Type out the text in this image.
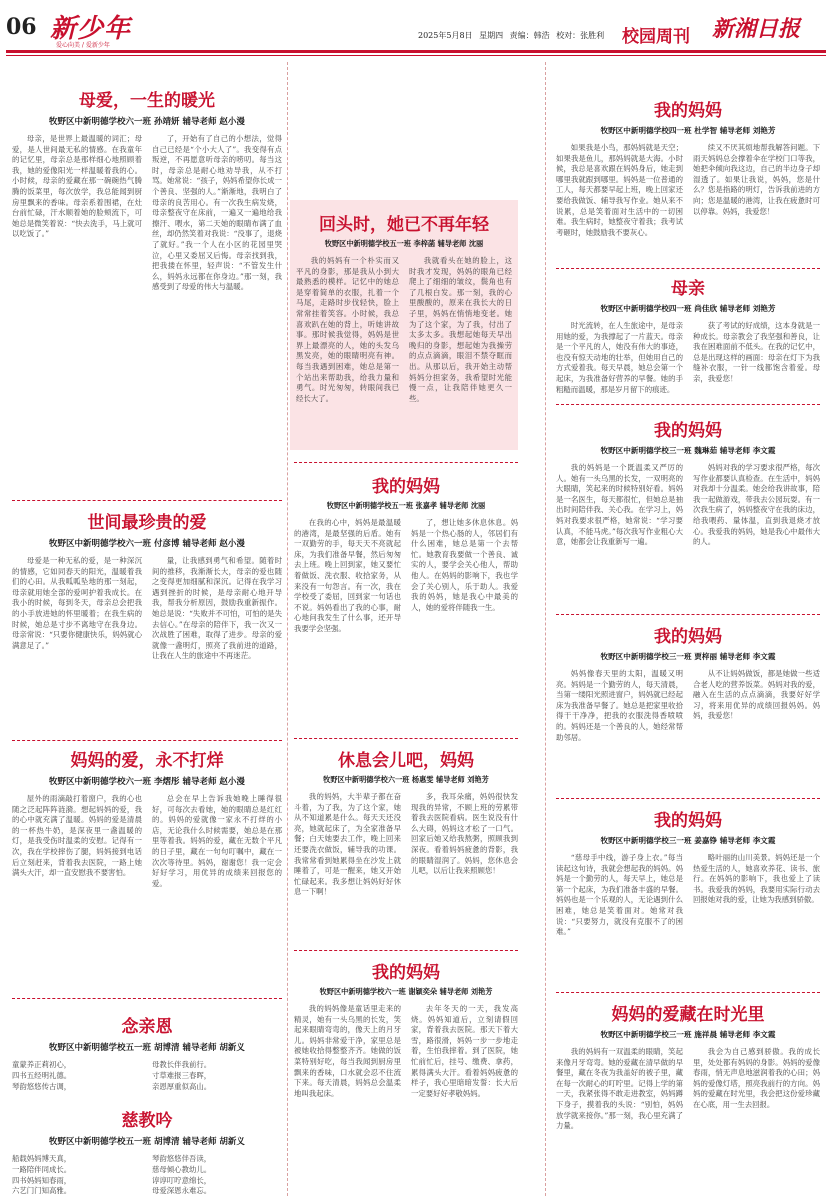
06 新少年
爱心向美 / 爱新少年
2025年5月8日 星期四 责编：韩浩 校对：张胜利 校园周刊 新湘日报
母爱，一生的暖光
牧野区中新明德学校六一班 孙靖妍 辅导老师 赵小漫

母亲，是世界上最温暖的词汇；母爱，是人世间最无私的情感。在我童年的记忆里，母亲总是那样细心地照顾着我，她的爱像阳光一样温暖着我的心。小时候，母亲的爱藏在那一碗碗热气腾腾的饭菜里，每次放学，我总能闻到厨房里飘来的香味。母亲系着围裙，在灶台前忙碌，汗水顺着她的脸颊流下，可她总是微笑着说：“快去洗手，马上就可以吃饭了。”

了，开始有了自己的小想法，觉得自己已经是“个小大人了”。我变得有点叛逆，不再愿意听母亲的唠叨。每当这时，母亲总是耐心地劝导我，从不打骂。她常说：“孩子，妈妈希望你长成一个善良、坚强的人。”渐渐地，我明白了母亲的良苦用心。有一次我生病发烧，母亲整夜守在床前，一遍又一遍地给我擦汗、喂水，第二天她的眼睛布满了血丝，却仍然笑着对我说：“没事了，退烧了就好。”我一个人在小区的花园里哭泣，心里又委屈又后悔。母亲找到我，把我搂在怀里，轻声说：“不管发生什么，妈妈永远都在你身边。”那一刻，我感受到了母爱的伟大与温暖。

回头时，她已不再年轻
牧野区中新明德学校五一班 李梓菡 辅导老师 沈丽

我的妈妈有一个朴实而又平凡的身影，那是我从小到大最熟悉的模样。记忆中的她总是穿着简单的衣服，扎着一个马尾，走路时步伐轻快，脸上常常挂着笑容。小时候，我总喜欢趴在她的背上，听她讲故事。那时候我觉得，妈妈是世界上最漂亮的人，她的头发乌黑发亮，她的眼睛明亮有神。每当我遇到困难，她总是第一个站出来帮助我，给我力量和勇气。时光匆匆，转眼间我已经长大了。

我就看头在她的脸上，这时我才发现，妈妈的眼角已经爬上了细细的皱纹，鬓角也有了几根白发。那一刻，我的心里酸酸的，原来在我长大的日子里，妈妈在悄悄地变老。她为了这个家，为了我，付出了太多太多。我想起她每天早出晚归的身影，想起她为我操劳的点点滴滴，眼泪不禁夺眶而出。从那以后，我开始主动帮妈妈分担家务，我希望时光能慢一点，让我陪伴她更久一些。

我的妈妈
牧野区中新明德学校四一班 杜学智 辅导老师 刘艳芳

如果我是小鸟，那妈妈就是天空；如果我是鱼儿，那妈妈就是大海。小时候，我总是喜欢跟在妈妈身后，她走到哪里我就跟到哪里。妈妈是一位普通的工人，每天都要早起上班，晚上回家还要给我做饭、辅导我写作业。她从来不说累，总是笑着面对生活中的一切困难。我生病时，她整夜守着我；我考试考砸时，她鼓励我不要灰心。

续又不厌其烦地帮我解答问题。下雨天妈妈总会撑着伞在学校门口等我，她把伞倾向我这边，自己的半边身子却湿透了。如果让我说，妈妈，您是什么？您是指路的明灯，告诉我前进的方向；您是温暖的港湾，让我在疲惫时可以停靠。妈妈，我爱您！

母亲
牧野区中新明德学校四一班 尚佳欣 辅导老师 刘艳芳

时光流转，在人生旅途中，是母亲用她的爱，为我撑起了一片蓝天。母亲是一个平凡的人，她没有伟大的事迹，也没有惊天动地的壮举，但她用自己的方式爱着我。每天早晨，她总会第一个起床，为我准备好营养的早餐。她的手粗糙而温暖，那是岁月留下的痕迹。

获了考试的好成绩，这本身就是一种成长。母亲教会了我坚强和善良，让我在困难面前不低头。在我的记忆中，总是出现这样的画面：母亲在灯下为我缝补衣服，一针一线都饱含着爱。母亲，我爱您！

世间最珍贵的爱
牧野区中新明德学校六一班 付彦博 辅导老师 赵小漫

母爱是一种无私的爱，是一种深沉的情感，它如同春天的阳光，温暖着我们的心田。从我呱呱坠地的那一刻起，母亲就用她全部的爱呵护着我成长。在我小的时候，每到冬天，母亲总会把我的小手放进她的怀里暖着；在我生病的时候，她总是寸步不离地守在我身边。母亲常说：“只要你健康快乐，妈妈就心满意足了。”

量，让我感到勇气和希望。随着时间的推移，我渐渐长大，母亲的爱也随之变得更加细腻和深沉。记得在我学习遇到挫折的时候，是母亲耐心地开导我，帮我分析原因，鼓励我重新振作。她总是说：“失败并不可怕，可怕的是失去信心。”在母亲的陪伴下，我一次又一次战胜了困难，取得了进步。母亲的爱就像一盏明灯，照亮了我前进的道路，让我在人生的旅途中不再迷茫。

我的妈妈
牧野区中新明德学校五一班 张嘉孝 辅导老师 沈丽

在我的心中，妈妈是最温暖的港湾，是最坚强的后盾。她有一双勤劳的手，每天天不亮就起床，为我们准备早餐，然后匆匆去上班。晚上回到家，她又要忙着做饭、洗衣服、收拾家务，从来没有一句怨言。有一次，我在学校受了委屈，回到家一句话也不说。妈妈看出了我的心事，耐心地问我发生了什么事，还开导我要学会坚强。

了，想让她多休息休息。妈妈是一个热心肠的人，邻居们有什么困难，她总是第一个去帮忙。她教育我要做一个善良、诚实的人，要学会关心他人，帮助他人。在妈妈的影响下，我也学会了关心别人，乐于助人。我爱我的妈妈，她是我心中最美的人，她的爱将伴随我一生。

我的妈妈
牧野区中新明德学校三一班 魏琳茹 辅导老师 李文霞

我的妈妈是一个既温柔又严厉的人。她有一头乌黑的长发，一双明亮的大眼睛，笑起来的时候特别好看。妈妈是一名医生，每天都很忙，但她总是抽出时间陪伴我、关心我。在学习上，妈妈对我要求很严格，她常说：“学习要认真，不能马虎。”每次我写作业粗心大意，她都会让我重新写一遍。

妈妈对我的学习要求很严格，每次写作业都要认真检查。在生活中，妈妈对我却十分温柔。她会给我讲故事，陪我一起做游戏，带我去公园玩耍。有一次我生病了，妈妈整夜守在我的床边，给我喂药、量体温，直到我退烧才放心。我爱我的妈妈，她是我心中最伟大的人。

我的妈妈
牧野区中新明德学校三一班 贾梓丽 辅导老师 李文霞

妈妈像春天里的太阳，温暖又明亮。妈妈是一个勤劳的人，每天清晨，当第一缕阳光照进窗户，妈妈就已经起床为我准备早餐了。她总是把家里收拾得干干净净，把我的衣服洗得香喷喷的。妈妈还是一个善良的人，她经常帮助邻居。

从不让妈妈做饭，都是她做一些适合老人吃的营养饭菜。妈妈对我的爱，融入在生活的点点滴滴，我要好好学习，将来用优异的成绩回报妈妈。妈妈，我爱您！

妈妈的爱，永不打烊
牧野区中新明德学校六一班 李熠彤 辅导老师 赵小漫

屋外的雨滴敲打着窗户，我的心也随之泛起阵阵涟漪。想起妈妈的爱，我的心中就充满了温暖。妈妈的爱是清晨的一杯热牛奶，是深夜里一盏温暖的灯，是我受伤时温柔的安慰。记得有一次，我在学校摔伤了腿，妈妈接到电话后立刻赶来，背着我去医院，一路上她满头大汗，却一直安慰我不要害怕。

总会在早上告诉我她晚上睡得很好，可每次去看她，她的眼睛总是红红的。妈妈的爱就像一家永不打烊的小店，无论我什么时候需要，她总是在那里等着我。妈妈的爱，藏在无数个平凡的日子里，藏在一句句叮嘱中，藏在一次次等待里。妈妈，谢谢您！我一定会好好学习，用优异的成绩来回报您的爱。

休息会儿吧，妈妈
牧野区中新明德学校六一班 杨惠雯 辅导老师 刘艳芳

我的妈妈，大半辈子都在奋斗着，为了我，为了这个家，她从不知道累是什么。每天天还没亮，她就起床了，为全家准备早餐；白天她要去工作，晚上回来还要洗衣做饭，辅导我的功课。我常常看到她累得坐在沙发上就睡着了，可是一醒来，她又开始忙碌起来。我多想让妈妈好好休息一下啊！

多，我耳朵痛，妈妈很快发现我的异常，不顾上班的劳累带着我去医院看病。医生说没有什么大碍，妈妈这才松了一口气。回家后她又给我熬粥，照顾我到深夜。看着妈妈疲惫的背影，我的眼睛湿润了。妈妈，您休息会儿吧，以后让我来照顾您！

我的妈妈
牧野区中新明德学校三一班 姜嘉铮 辅导老师 李文霞

“慈母手中线，游子身上衣。”每当读起这句诗，我就会想起我的妈妈。妈妈是一个勤劳的人，每天早上，她总是第一个起床，为我们准备丰盛的早餐。妈妈也是一个乐观的人，无论遇到什么困难，她总是笑着面对。她常对我说：“只要努力，就没有克服不了的困难。”

略叶丽的山川美景。妈妈还是一个热爱生活的人，她喜欢养花、读书、旅行。在妈妈的影响下，我也爱上了读书。我爱我的妈妈，我要用实际行动去回报她对我的爱，让她为我感到骄傲。

念亲恩
牧野区中新明德学校五一班 胡博清 辅导老师 胡新义
童蒙养正莉初心，
四书五经明礼德。
琴韵悠悠传古调，
母教长伴我前行。
寸草难报三春晖，
亲恩厚重似高山。
慈教吟
牧野区中新明德学校五一班 胡博清 辅导老师 胡新义
船载妈妈博天真，
一路陪伴同成长。
四书妈妈知春雨，
六艺门门知高雅。
琴韵悠悠伴吾读，
慈母倾心教幼儿。
谆谆叮咛意绵长，
母爱深恩永难忘。
我的妈妈
牧野区中新明德学校六一班 谢颖奕朵 辅导老师 刘艳芳

我的妈妈像是童话里走来的精灵，她有一头乌黑的长发，笑起来眼睛弯弯的，像天上的月牙儿。妈妈非常爱干净，家里总是被她收拾得整整齐齐。她做的饭菜特别好吃，每当我闻到厨房里飘来的香味，口水就会忍不住流下来。每天清晨，妈妈总会温柔地叫我起床。

去年冬天的一天，我发高烧。妈妈知道后，立刻请假回家，背着我去医院。那天下着大雪，路很滑，妈妈一步一步地走着，生怕我摔着。到了医院，她忙前忙后，挂号、缴费、拿药，累得满头大汗。看着妈妈疲惫的样子，我心里暗暗发誓：长大后一定要好好孝敬妈妈。

妈妈的爱藏在时光里
牧野区中新明德学校三一班 施祥晨 辅导老师 李文霞

我的妈妈有一双温柔的眼睛，笑起来像月牙弯弯。她的爱藏在清早做的早餐里，藏在冬夜为我盖好的被子里，藏在每一次耐心的叮咛里。记得上学的第一天，我紧张得不敢走进教室，妈妈蹲下身子，摸着我的头说：“别怕，妈妈放学就来接你。”那一刻，我心里充满了力量。

我会为自己感到骄傲。我的成长里，处处都有妈妈的身影。妈妈的爱像春雨，悄无声息地滋润着我的心田；妈妈的爱像灯塔，照亮我前行的方向。妈妈的爱藏在时光里，我会把这份爱珍藏在心底，用一生去回报。
